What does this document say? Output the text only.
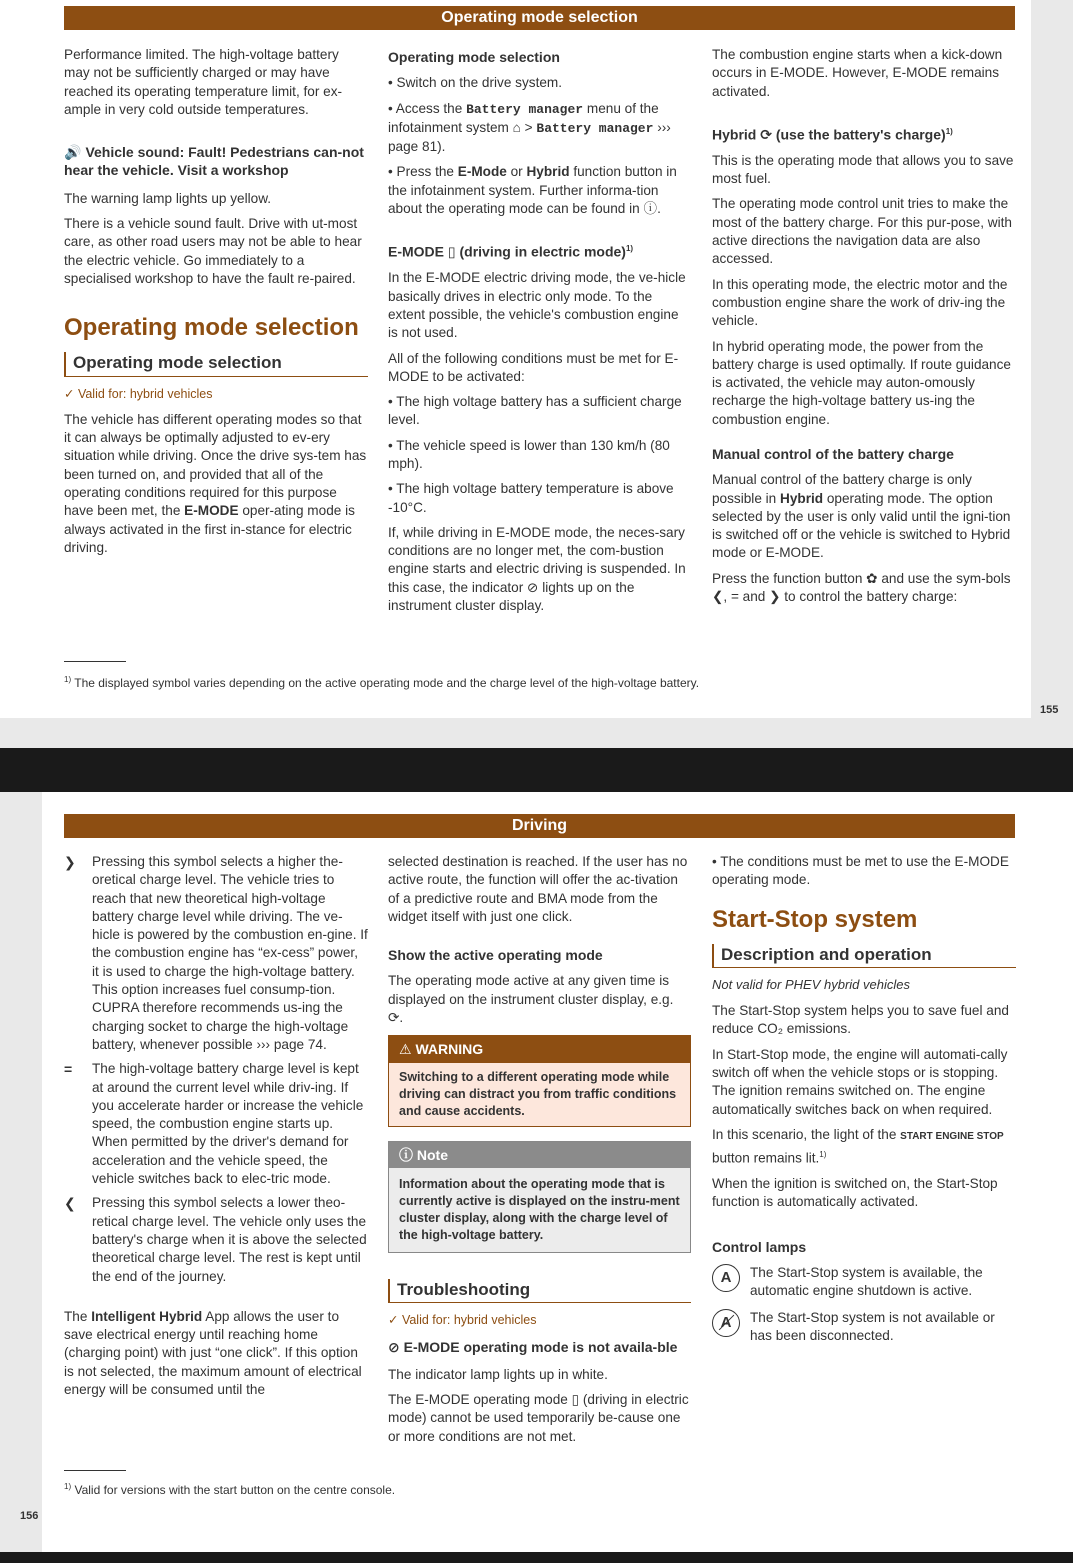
Operating mode selection

Performance limited. The high-voltage battery may not be sufficiently charged or may have reached its operating temperature limit, for ex-ample in very cold outside temperatures.

🔊 Vehicle sound: Fault! Pedestrians can-not hear the vehicle. Visit a workshop

The warning lamp lights up yellow.

There is a vehicle sound fault. Drive with ut-most care, as other road users may not be able to hear the electric vehicle. Go immediately to a specialised workshop to have the fault re-paired.

Operating mode selection
Operating mode selection
✓ Valid for: hybrid vehicles

The vehicle has different operating modes so that it can always be optimally adjusted to ev-ery situation while driving. Once the drive sys-tem has been turned on, and provided that all of the operating conditions required for this purpose have been met, the E-MODE oper-ating mode is always activated in the first in-stance for electric driving.

Operating mode selection
• Switch on the drive system.
• Access the Battery manager menu of the infotainment system ⌂ > Battery manager ››› page 81).
• Press the E-Mode or Hybrid function button in the infotainment system. Further informa-tion about the operating mode can be found in ⓘ.
E-MODE ▯ (driving in electric mode)$^{1)}$

In the E-MODE electric driving mode, the ve-hicle basically drives in electric only mode. To the extent possible, the vehicle's combustion engine is not used.

All of the following conditions must be met for E-MODE to be activated:

• The high voltage battery has a sufficient charge level.
• The vehicle speed is lower than 130 km/h (80 mph).
• The high voltage battery temperature is above -10°C.

If, while driving in E-MODE mode, the neces-sary conditions are no longer met, the com-bustion engine starts and electric driving is suspended. In this case, the indicator ⊘ lights up on the instrument cluster display.

The combustion engine starts when a kick-down occurs in E-MODE. However, E-MODE remains activated.

Hybrid ⟳ (use the battery's charge)$^{1)}$

This is the operating mode that allows you to save most fuel.

The operating mode control unit tries to make the most of the battery charge. For this pur-pose, with active directions the navigation data are also accessed.

In this operating mode, the electric motor and the combustion engine share the work of driv-ing the vehicle.

In hybrid operating mode, the power from the battery charge is used optimally. If route guidance is activated, the vehicle may auton-omously recharge the high-voltage battery us-ing the combustion engine.

Manual control of the battery charge

Manual control of the battery charge is only possible in Hybrid operating mode. The option selected by the user is only valid until the igni-tion is switched off or the vehicle is switched to Hybrid mode or E-MODE.

Press the function button ✿ and use the sym-bols ❮, = and ❯ to control the battery charge:

$^{1)}$ The displayed symbol varies depending on the active operating mode and the charge level of the high-voltage battery.
155
Driving
❯ Pressing this symbol selects a higher the-oretical charge level. The vehicle tries to reach that new theoretical high-voltage battery charge level while driving. The ve-hicle is powered by the combustion en-gine. If the combustion engine has “ex-cess” power, it is used to charge the high-voltage battery.
This option increases fuel consump-tion. CUPRA therefore recommends us-ing the charging socket to charge the high-voltage battery, whenever possible ››› page 74.
= The high-voltage battery charge level is kept at around the current level while driv-ing. If you accelerate harder or increase the vehicle speed, the combustion engine starts up. When permitted by the driver's demand for acceleration and the vehicle speed, the vehicle switches back to elec-tric mode.
❮ Pressing this symbol selects a lower theo-retical charge level. The vehicle only uses the battery's charge when it is above the selected theoretical charge level. The rest is kept until the end of the journey.

The Intelligent Hybrid App allows the user to save electrical energy until reaching home (charging point) with just “one click”. If this option is not selected, the maximum amount of electrical energy will be consumed until the

selected destination is reached. If the user has no active route, the function will offer the ac-tivation of a predictive route and BMA mode from the widget itself with just one click.

Show the active operating mode

The operating mode active at any given time is displayed on the instrument cluster display, e.g. ⟳.

⚠ WARNING
Switching to a different operating mode while driving can distract you from traffic conditions and cause accidents.
ⓘ Note
Information about the operating mode that is currently active is displayed on the instru-ment cluster display, along with the charge level of the high-voltage battery.
Troubleshooting
✓ Valid for: hybrid vehicles
⊘ E-MODE operating mode is not availa-ble

The indicator lamp lights up in white.

The E-MODE operating mode ▯ (driving in electric mode) cannot be used temporarily be-cause one or more conditions are not met.

• The conditions must be met to use the E-MODE operating mode.
Start-Stop system
Description and operation
Not valid for PHEV hybrid vehicles

The Start-Stop system helps you to save fuel and reduce CO₂ emissions.

In Start-Stop mode, the engine will automati-cally switch off when the vehicle stops or is stopping. The ignition remains switched on. The engine automatically switches back on when required.

In this scenario, the light of the START ENGINE STOP button remains lit.$^{1)}$

When the ignition is switched on, the Start-Stop function is automatically activated.

Control lamps
A	The Start-Stop system is available, the automatic engine shutdown is active.
A	The Start-Stop system is not available or has been disconnected.
$^{1)}$ Valid for versions with the start button on the centre console.
156
